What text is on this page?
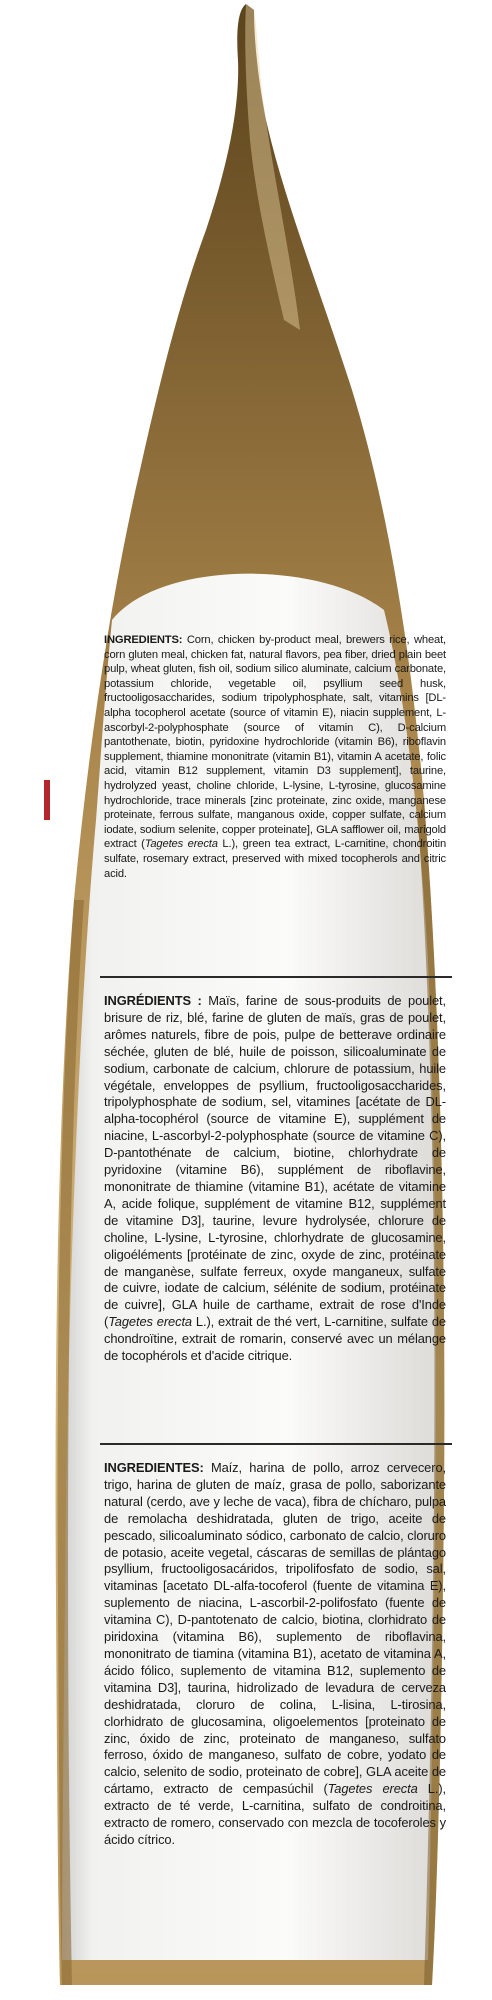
INGREDIENTS: Corn, chicken by-product meal, brewers rice, wheat, corn gluten meal, chicken fat, natural flavors, pea fiber, dried plain beet pulp, wheat gluten, fish oil, sodium silico aluminate, calcium carbonate, potassium chloride, vegetable oil, psyllium seed husk, fructooligosaccharides, sodium tripolyphosphate, salt, vitamins [DL-alpha tocopherol acetate (source of vitamin E), niacin supplement, L-ascorbyl-2-polyphosphate (source of vitamin C), D-calcium pantothenate, biotin, pyridoxine hydrochloride (vitamin B6), riboflavin supplement, thiamine mononitrate (vitamin B1), vitamin A acetate, folic acid, vitamin B12 supplement, vitamin D3 supplement], taurine, hydrolyzed yeast, choline chloride, L-lysine, L-tyrosine, glucosamine hydrochloride, trace minerals [zinc proteinate, zinc oxide, manganese proteinate, ferrous sulfate, manganous oxide, copper sulfate, calcium iodate, sodium selenite, copper proteinate], GLA safflower oil, marigold extract (Tagetes erecta L.), green tea extract, L-carnitine, chondroitin sulfate, rosemary extract, preserved with mixed tocopherols and citric acid.

INGRÉDIENTS : Maïs, farine de sous-produits de poulet, brisure de riz, blé, farine de gluten de maïs, gras de poulet, arômes naturels, fibre de pois, pulpe de betterave ordinaire séchée, gluten de blé, huile de poisson, silicoaluminate de sodium, carbonate de calcium, chlorure de potassium, huile végétale, enveloppes de psyllium, fructooligosaccharides, tripolyphosphate de sodium, sel, vitamines [acétate de DL-alpha-tocophérol (source de vitamine E), supplément de niacine, L-ascorbyl-2-polyphosphate (source de vitamine C), D-pantothénate de calcium, biotine, chlorhydrate de pyridoxine (vitamine B6), supplément de riboflavine, mononitrate de thiamine (vitamine B1), acétate de vitamine A, acide folique, supplément de vitamine B12, supplément de vitamine D3], taurine, levure hydrolysée, chlorure de choline, L-lysine, L-tyrosine, chlorhydrate de glucosamine, oligoéléments [protéinate de zinc, oxyde de zinc, protéinate de manganèse, sulfate ferreux, oxyde manganeux, sulfate de cuivre, iodate de calcium, sélénite de sodium, protéinate de cuivre], GLA huile de carthame, extrait de rose d'Inde (Tagetes erecta L.), extrait de thé vert, L-carnitine, sulfate de chondroïtine, extrait de romarin, conservé avec un mélange de tocophérols et d'acide citrique.

INGREDIENTES: Maíz, harina de pollo, arroz cervecero, trigo, harina de gluten de maíz, grasa de pollo, saborizante natural (cerdo, ave y leche de vaca), fibra de chícharo, pulpa de remolacha deshidratada, gluten de trigo, aceite de pescado, silicoaluminato sódico, carbonato de calcio, cloruro de potasio, aceite vegetal, cáscaras de semillas de plántago psyllium, fructooligosacáridos, tripolifosfato de sodio, sal, vitaminas [acetato DL-alfa-tocoferol (fuente de vitamina E), suplemento de niacina, L-ascorbil-2-polifosfato (fuente de vitamina C), D-pantotenato de calcio, biotina, clorhidrato de piridoxina (vitamina B6), suplemento de riboflavina, mononitrato de tiamina (vitamina B1), acetato de vitamina A, ácido fólico, suplemento de vitamina B12, suplemento de vitamina D3], taurina, hidrolizado de levadura de cerveza deshidratada, cloruro de colina, L-lisina, L-tirosina, clorhidrato de glucosamina, oligoelementos [proteinato de zinc, óxido de zinc, proteinato de manganeso, sulfato ferroso, óxido de manganeso, sulfato de cobre, yodato de calcio, selenito de sodio, proteinato de cobre], GLA aceite de cártamo, extracto de cempasúchil (Tagetes erecta L.), extracto de té verde, L-carnitina, sulfato de condroitina, extracto de romero, conservado con mezcla de tocoferoles y ácido cítrico.
